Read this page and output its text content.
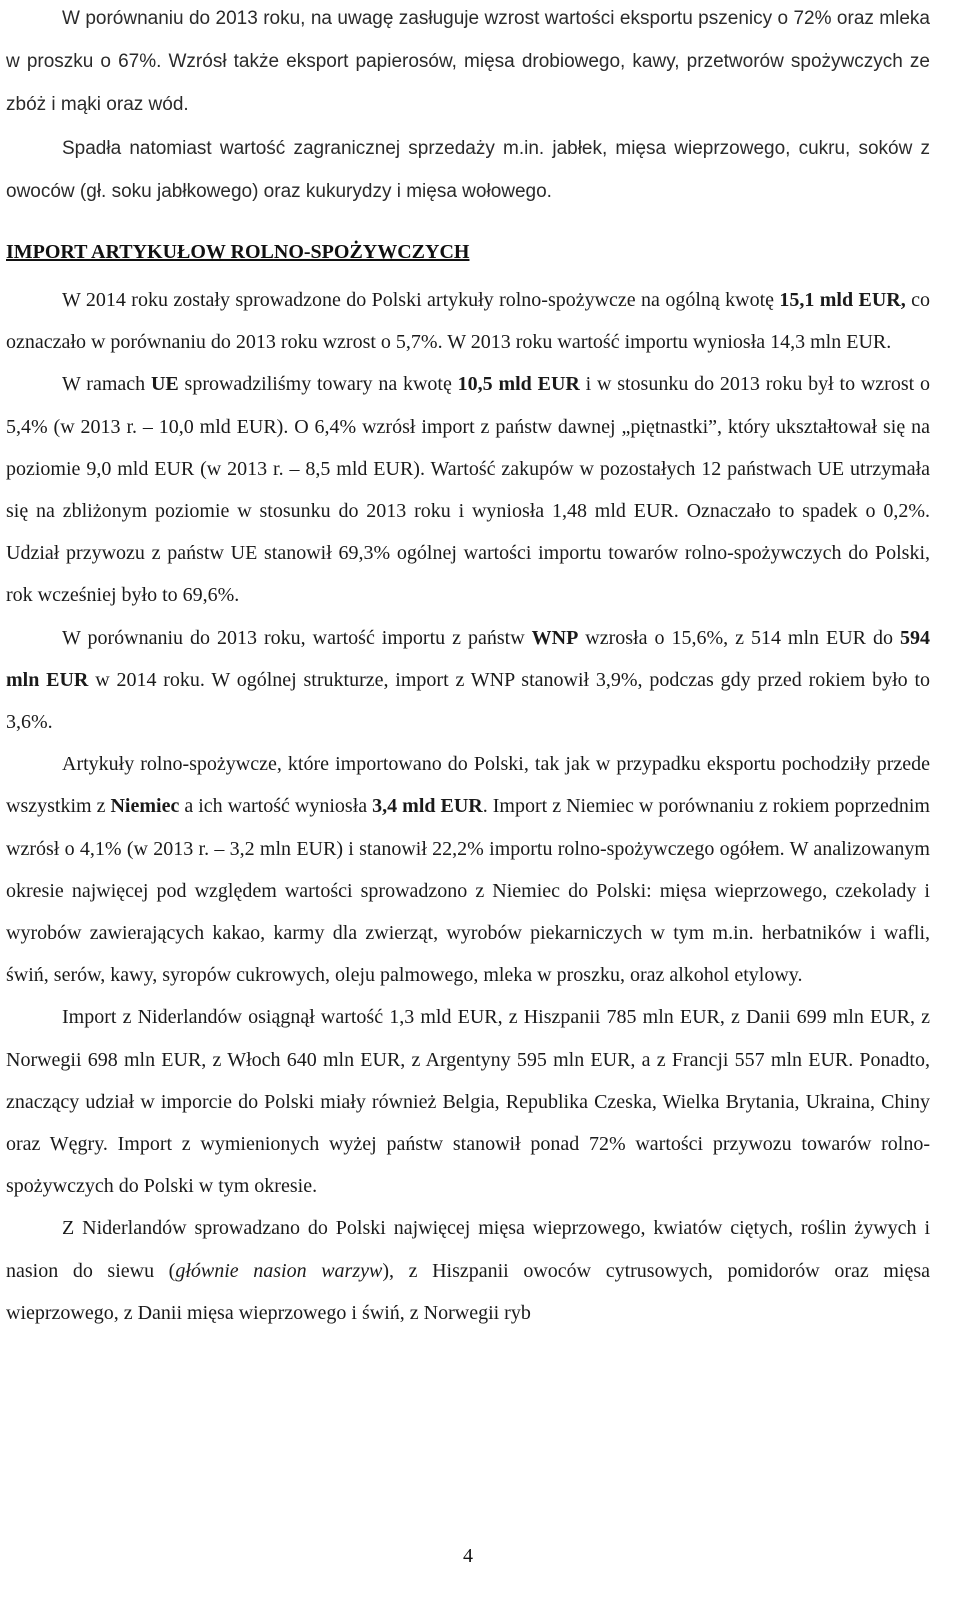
W porównaniu do 2013 roku, na uwagę zasługuje wzrost wartości eksportu pszenicy o 72% oraz mleka w proszku o 67%. Wzrósł także eksport papierosów, mięsa drobiowego, kawy, przetworów spożywczych ze zbóż i mąki oraz wód.

Spadła natomiast wartość zagranicznej sprzedaży m.in. jabłek, mięsa wieprzowego, cukru, soków z owoców (gł. soku jabłkowego) oraz kukurydzy i mięsa wołowego.

IMPORT ARTYKUŁOW ROLNO-SPOŻYWCZYCH

W 2014 roku zostały sprowadzone do Polski artykuły rolno-spożywcze na ogólną kwotę 15,1 mld EUR, co oznaczało w porównaniu do 2013 roku wzrost o 5,7%. W 2013 roku wartość importu wyniosła 14,3 mln EUR.

W ramach UE sprowadziliśmy towary na kwotę 10,5 mld EUR i w stosunku do 2013 roku był to wzrost o 5,4% (w 2013 r. – 10,0 mld EUR). O 6,4% wzrósł import z państw dawnej „piętnastki”, który ukształtował się na poziomie 9,0 mld EUR (w 2013 r. – 8,5 mld EUR). Wartość zakupów w pozostałych 12 państwach UE utrzymała się na zbliżonym poziomie w stosunku do 2013 roku i wyniosła 1,48 mld EUR. Oznaczało to spadek o 0,2%. Udział przywozu z państw UE stanowił 69,3% ogólnej wartości importu towarów rolno-spożywczych do Polski, rok wcześniej było to 69,6%.

W porównaniu do 2013 roku, wartość importu z państw WNP wzrosła o 15,6%, z 514 mln EUR do 594 mln EUR w 2014 roku. W ogólnej strukturze, import z WNP stanowił 3,9%, podczas gdy przed rokiem było to 3,6%.

Artykuły rolno-spożywcze, które importowano do Polski, tak jak w przypadku eksportu pochodziły przede wszystkim z Niemiec a ich wartość wyniosła 3,4 mld EUR. Import z Niemiec w porównaniu z rokiem poprzednim wzrósł o 4,1% (w 2013 r. – 3,2 mln EUR) i stanowił 22,2% importu rolno-spożywczego ogółem. W analizowanym okresie najwięcej pod względem wartości sprowadzono z Niemiec do Polski: mięsa wieprzowego, czekolady i wyrobów zawierających kakao, karmy dla zwierząt, wyrobów piekarniczych w tym m.in. herbatników i wafli, świń, serów, kawy, syropów cukrowych, oleju palmowego, mleka w proszku, oraz alkohol etylowy.

Import z Niderlandów osiągnął wartość 1,3 mld EUR, z Hiszpanii 785 mln EUR, z Danii 699 mln EUR, z Norwegii 698 mln EUR, z Włoch 640 mln EUR, z Argentyny 595 mln EUR, a z Francji 557 mln EUR. Ponadto, znaczący udział w imporcie do Polski miały również Belgia, Republika Czeska, Wielka Brytania, Ukraina, Chiny oraz Węgry. Import z wymienionych wyżej państw stanowił ponad 72% wartości przywozu towarów rolno-spożywczych do Polski w tym okresie.

Z Niderlandów sprowadzano do Polski najwięcej mięsa wieprzowego, kwiatów ciętych, roślin żywych i nasion do siewu (głównie nasion warzyw), z Hiszpanii owoców cytrusowych, pomidorów oraz mięsa wieprzowego, z Danii mięsa wieprzowego i świń, z Norwegii ryb

4
